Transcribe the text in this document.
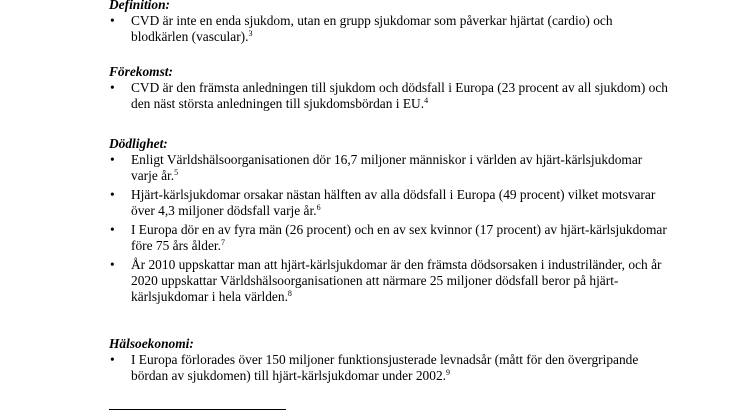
Definition:
• CVD är inte en enda sjukdom, utan en grupp sjukdomar som påverkar hjärtat (cardio) och blodkärlen (vascular).$^3$
Förekomst:
• CVD är den främsta anledningen till sjukdom och dödsfall i Europa (23 procent av all sjukdom) och den näst största anledningen till sjukdomsbördan i EU.$^4$
Dödlighet:
• Enligt Världshälsoorganisationen dör 16,7 miljoner människor i världen av hjärt-kärlsjukdomar varje år.$^5$
• Hjärt-kärlsjukdomar orsakar nästan hälften av alla dödsfall i Europa (49 procent) vilket motsvarar över 4,3 miljoner dödsfall varje år.$^6$
• I Europa dör en av fyra män (26 procent) och en av sex kvinnor (17 procent) av hjärt-kärlsjukdomar före 75 års ålder.$^7$
• År 2010 uppskattar man att hjärt-kärlsjukdomar är den främsta dödsorsaken i industriländer, och år 2020 uppskattar Världshälsoorganisationen att närmare 25 miljoner dödsfall beror på hjärt-kärlsjukdomar i hela världen.$^8$
Hälsoekonomi:
• I Europa förlorades över 150 miljoner funktionsjusterade levnadsår (mått för den övergripande bördan av sjukdomen) till hjärt-kärlsjukdomar under 2002.$^9$
